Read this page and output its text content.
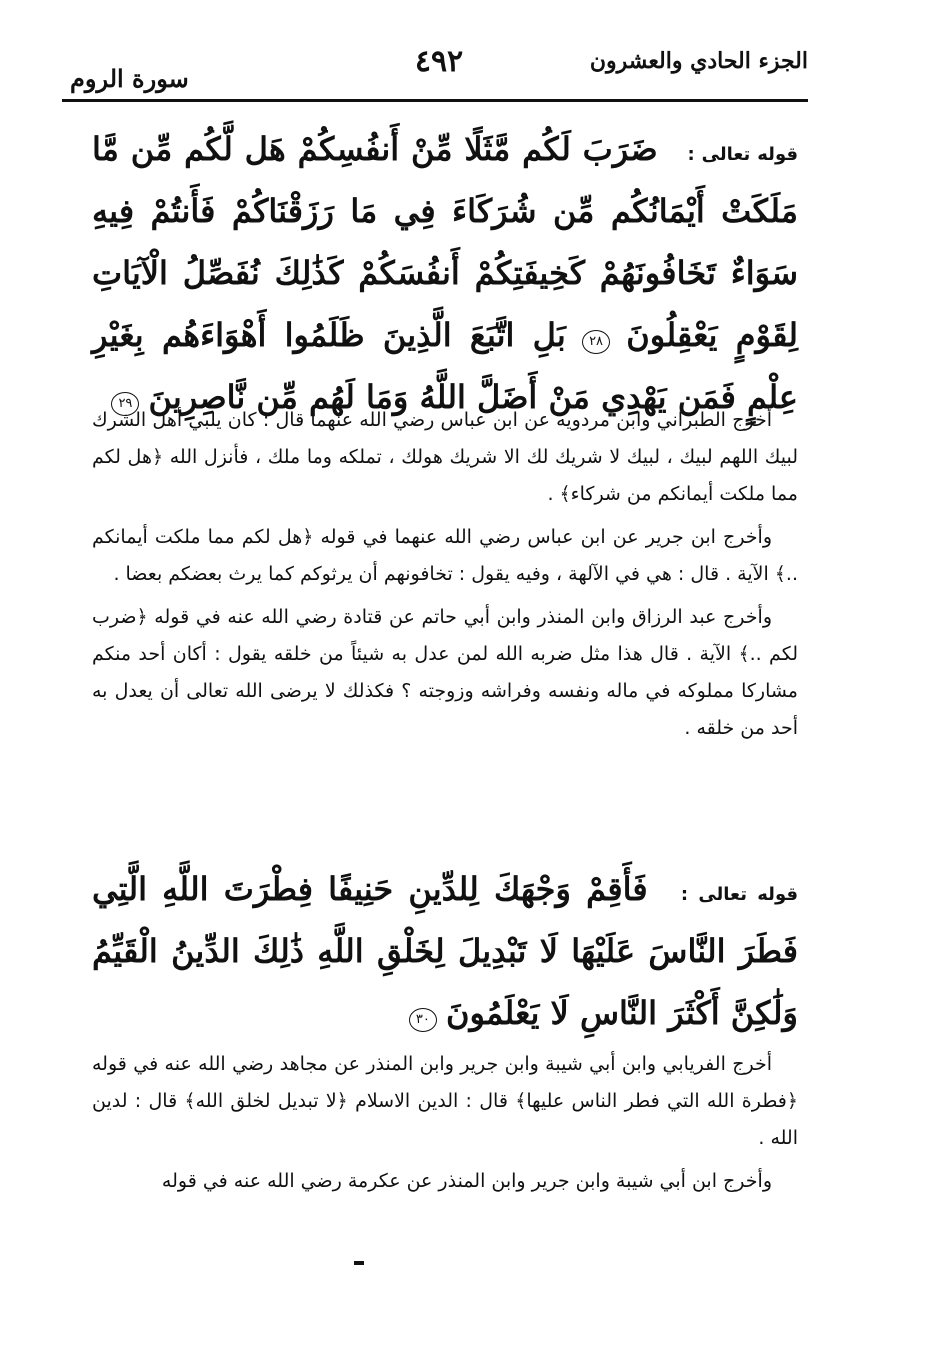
الجزء الحادي والعشرون
٤٩٢
سورة الروم
قوله تعالى : ضَرَبَ لَكُم مَّثَلًا مِّنْ أَنفُسِكُمْ هَل لَّكُم مِّن مَّا مَلَكَتْ أَيْمَانُكُم مِّن شُرَكَاءَ فِي مَا رَزَقْنَاكُمْ فَأَنتُمْ فِيهِ سَوَاءٌ تَخَافُونَهُمْ كَخِيفَتِكُمْ أَنفُسَكُمْ كَذَٰلِكَ نُفَصِّلُ الْآيَاتِ لِقَوْمٍ يَعْقِلُونَ ٢٨ بَلِ اتَّبَعَ الَّذِينَ ظَلَمُوا أَهْوَاءَهُم بِغَيْرِ عِلْمٍ فَمَن يَهْدِي مَنْ أَضَلَّ اللَّهُ وَمَا لَهُم مِّن نَّاصِرِينَ ٢٩

أخرج الطبراني وابن مردويه عن ابن عباس رضي الله عنهما قال : كان يلبي أهل الشرك لبيك اللهم لبيك ، لبيك لا شريك لك الا شريك هولك ، تملكه وما ملك ، فأنزل الله ﴿هل لكم مما ملكت أيمانكم من شركاء﴾ .

وأخرج ابن جرير عن ابن عباس رضي الله عنهما في قوله ﴿هل لكم مما ملكت أيمانكم ..﴾ الآية . قال : هي في الآلهة ، وفيه يقول : تخافونهم أن يرثوكم كما يرث بعضكم بعضا .

وأخرج عبد الرزاق وابن المنذر وابن أبي حاتم عن قتادة رضي الله عنه في قوله ﴿ضرب لكم ..﴾ الآية . قال هذا مثل ضربه الله لمن عدل به شيئاً من خلقه يقول : أكان أحد منكم مشاركا مملوكه في ماله ونفسه وفراشه وزوجته ؟ فكذلك لا يرضى الله تعالى أن يعدل به أحد من خلقه .

قوله تعالى : فَأَقِمْ وَجْهَكَ لِلدِّينِ حَنِيفًا فِطْرَتَ اللَّهِ الَّتِي فَطَرَ النَّاسَ عَلَيْهَا لَا تَبْدِيلَ لِخَلْقِ اللَّهِ ذَٰلِكَ الدِّينُ الْقَيِّمُ وَلَٰكِنَّ أَكْثَرَ النَّاسِ لَا يَعْلَمُونَ ٣٠

أخرج الفريابي وابن أبي شيبة وابن جرير وابن المنذر عن مجاهد رضي الله عنه في قوله ﴿فطرة الله التي فطر الناس عليها﴾ قال : الدين الاسلام ﴿لا تبديل لخلق الله﴾ قال : لدين الله .

وأخرج ابن أبي شيبة وابن جرير وابن المنذر عن عكرمة رضي الله عنه في قوله
